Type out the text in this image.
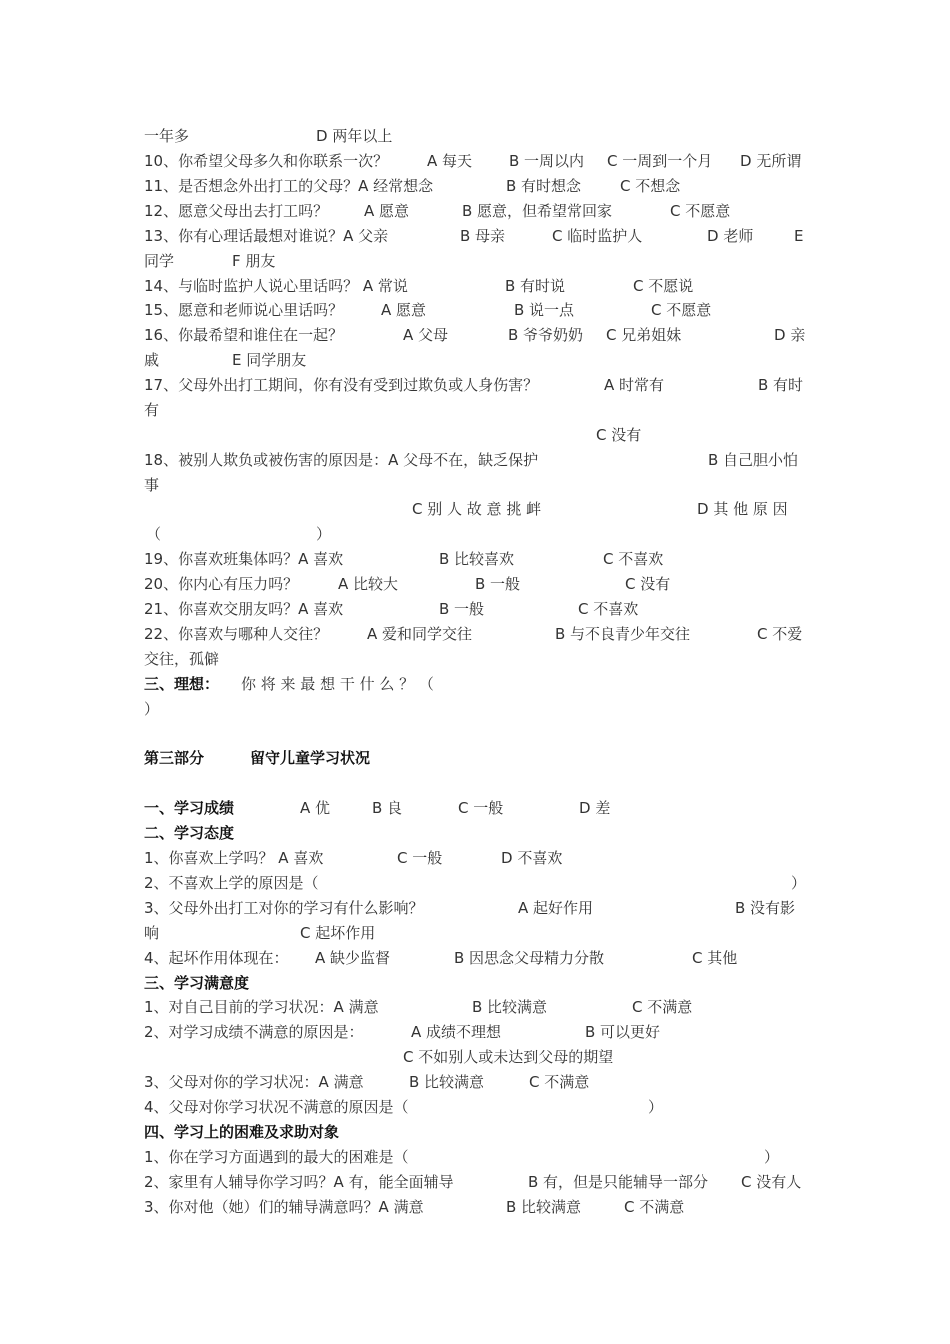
一年多	D 两年以上
10、你希望父母多久和你联系一次？	A 每天 B 一周以内 C 一周到一个月 D 无所谓
11、是否想念外出打工的父母？A 经常想念	B 有时想念	C 不想念
12、愿意父母出去打工吗？ A 愿意	B 愿意，但希望常回家	C 不愿意
13、你有心理话最想对谁说？A 父亲	B 母亲	C 临时监护人	D 老师	E
同学	F 朋友
14、与临时监护人说心里话吗？ A 常说	B 有时说	C 不愿说
15、愿意和老师说心里话吗？	A 愿意	B 说一点	C 不愿意
16、你最希望和谁住在一起？	A 父母	B 爷爷奶奶 C 兄弟姐妹	D 亲
戚	E 同学朋友
17、父母外出打工期间，你有没有受到过欺负或人身伤害？	A 时常有	B 有时
有
C 没有
18、被别人欺负或被伤害的原因是：A 父母不在，缺乏保护	B 自己胆小怕
事
C 别 人 故 意 挑 衅	D 其 他 原 因
（	）
19、你喜欢班集体吗？A 喜欢	B 比较喜欢	C 不喜欢
20、你内心有压力吗？	A 比较大	B 一般	C 没有
21、你喜欢交朋友吗？A 喜欢	B 一般	C 不喜欢
22、你喜欢与哪种人交往？	A 爱和同学交往	B 与不良青少年交往	C 不爱
交往，孤僻
三、理想： 你 将 来 最 想 干 什 么 ？ （
）
第三部分	留守儿童学习状况
一、学习成绩	A 优	B 良	C 一般	D 差
二、学习态度
1、你喜欢上学吗？ A 喜欢	C 一般	D 不喜欢
2、不喜欢上学的原因是（	）
3、父母外出打工对你的学习有什么影响？	A 起好作用	B 没有影
响	C 起坏作用
4、起坏作用体现在： A 缺少监督	B 因思念父母精力分散	C 其他
三、学习满意度
1、对自己目前的学习状况：A 满意	B 比较满意	C 不满意
2、对学习成绩不满意的原因是：	A 成绩不理想	B 可以更好
C 不如别人或未达到父母的期望
3、父母对你的学习状况：A 满意	B 比较满意	C 不满意
4、父母对你学习状况不满意的原因是（	）
四、学习上的困难及求助对象
1、你在学习方面遇到的最大的困难是（	）
2、家里有人辅导你学习吗？A 有，能全面辅导	B 有，但是只能辅导一部分 C 没有人
3、你对他（她）们的辅导满意吗？A 满意	B 比较满意	C 不满意
